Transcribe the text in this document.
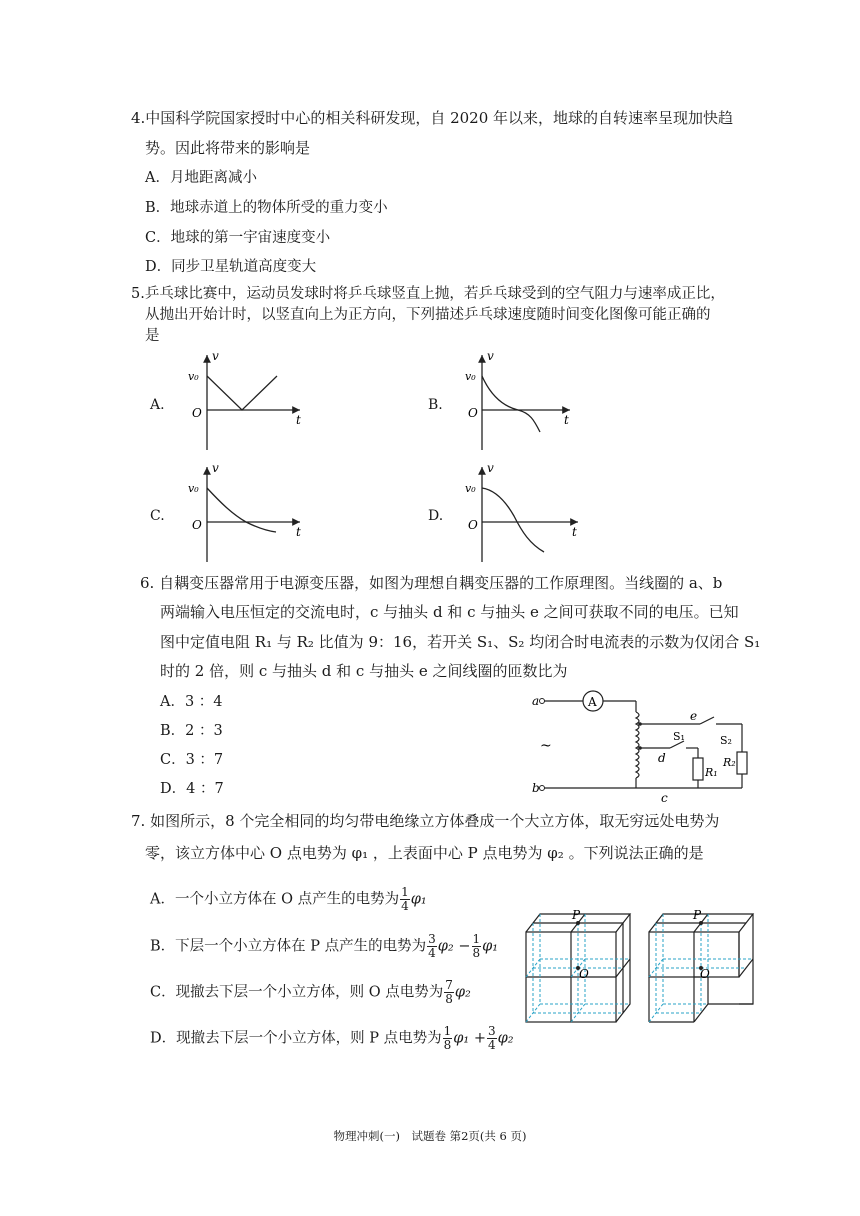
4.中国科学院国家授时中心的相关科研发现，自 2020 年以来，地球的自转速率呈现加快趋
势。因此将带来的影响是
A．月地距离减小
B．地球赤道上的物体所受的重力变小
C．地球的第一宇宙速度变小
D．同步卫星轨道高度变大
5.乒乓球比赛中，运动员发球时将乒乓球竖直上抛，若乒乓球受到的空气阻力与速率成正比，
从抛出开始计时，以竖直向上为正方向，下列描述乒乓球速度随时间变化图像可能正确的
是
A.	B.
C.	D.
v
t
O
v₀
v
t
O
v₀
v
t
O
v₀
v
t
O
v₀
6. 自耦变压器常用于电源变压器，如图为理想自耦变压器的工作原理图。当线圈的 a、b
两端输入电压恒定的交流电时，c 与抽头 d 和 c 与抽头 e 之间可获取不同的电压。已知
图中定值电阻 R₁ 与 R₂ 比值为 9：16，若开关 S₁、S₂ 均闭合时电流表的示数为仅闭合 S₁
时的 2 倍，则 c 与抽头 d 和 c 与抽头 e 之间线圈的匝数比为
A．3 ：4
B．2 ：3
C．3 ：7
D．4 ：7
A
a
b
c
d
e
S₁	S₂
R₁
R₂
~
7. 如图所示，8 个完全相同的均匀带电绝缘立方体叠成一个大立方体，取无穷远处电势为
零，该立方体中心 O 点电势为 φ₁ ，上表面中心 P 点电势为 φ₂ 。下列说法正确的是
A．一个小立方体在 O 点产生的电势为 $\frac{1}{4} \varphi_1$
B．下层一个小立方体在 P 点产生的电势为 $\frac{3}{4} \varphi_2 - \frac{1}{8} \varphi_1$
C．现撤去下层一个小立方体，则 O 点电势为 $\frac{7}{8} \varphi_2$
D．现撤去下层一个小立方体，则 P 点电势为 $\frac{1}{8} \varphi_1 + \frac{3}{4} \varphi_2$
P
O
P
O
物理冲刺(一)　试题卷 第2页(共 6 页)
